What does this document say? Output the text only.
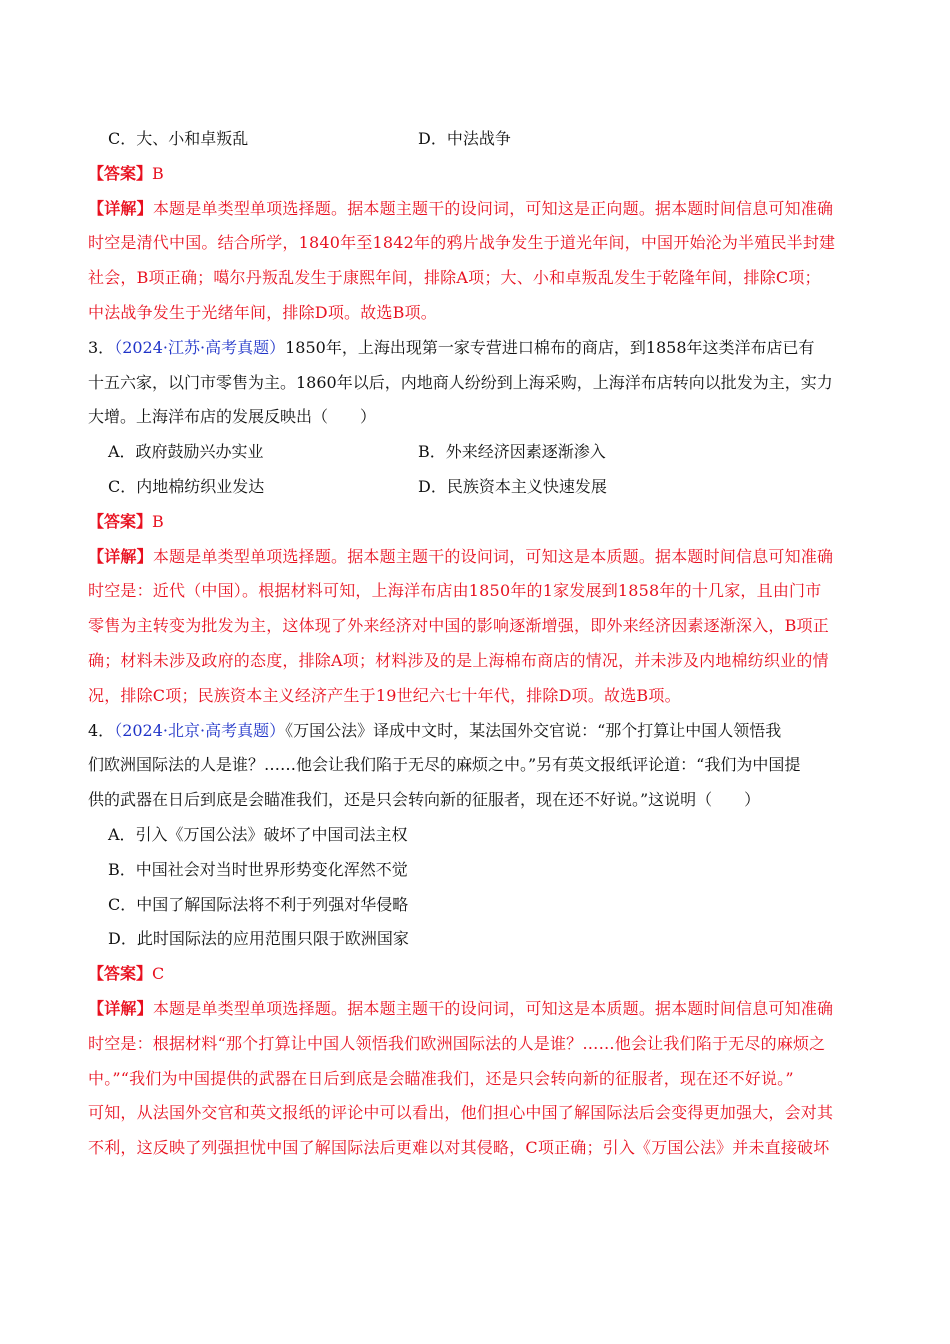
C．大、小和卓叛乱	D．中法战争
【答案】B
【详解】本题是单类型单项选择题。据本题主题干的设问词，可知这是正向题。据本题时间信息可知准确
时空是清代中国。结合所学，1840年至1842年的鸦片战争发生于道光年间，中国开始沦为半殖民半封建
社会，B项正确；噶尔丹叛乱发生于康熙年间，排除A项；大、小和卓叛乱发生于乾隆年间，排除C项；
中法战争发生于光绪年间，排除D项。故选B项。
3．（2024·江苏·高考真题）1850年，上海出现第一家专营进口棉布的商店，到1858年这类洋布店已有
十五六家，以门市零售为主。1860年以后，内地商人纷纷到上海采购，上海洋布店转向以批发为主，实力
大增。上海洋布店的发展反映出（　　）
A．政府鼓励兴办实业	B．外来经济因素逐渐渗入
C．内地棉纺织业发达	D．民族资本主义快速发展
【答案】B
【详解】本题是单类型单项选择题。据本题主题干的设问词，可知这是本质题。据本题时间信息可知准确
时空是：近代（中国）。根据材料可知，上海洋布店由1850年的1家发展到1858年的十几家，且由门市
零售为主转变为批发为主，这体现了外来经济对中国的影响逐渐增强，即外来经济因素逐渐深入，B项正
确；材料未涉及政府的态度，排除A项；材料涉及的是上海棉布商店的情况，并未涉及内地棉纺织业的情
况，排除C项；民族资本主义经济产生于19世纪六七十年代，排除D项。故选B项。
4．（2024·北京·高考真题）《万国公法》译成中文时，某法国外交官说：“那个打算让中国人领悟我
们欧洲国际法的人是谁？……他会让我们陷于无尽的麻烦之中。”另有英文报纸评论道：“我们为中国提
供的武器在日后到底是会瞄准我们，还是只会转向新的征服者，现在还不好说。”这说明（　　）
A．引入《万国公法》破坏了中国司法主权
B．中国社会对当时世界形势变化浑然不觉
C．中国了解国际法将不利于列强对华侵略
D．此时国际法的应用范围只限于欧洲国家
【答案】C
【详解】本题是单类型单项选择题。据本题主题干的设问词，可知这是本质题。据本题时间信息可知准确
时空是：根据材料“那个打算让中国人领悟我们欧洲国际法的人是谁？……他会让我们陷于无尽的麻烦之
中。”“我们为中国提供的武器在日后到底是会瞄准我们，还是只会转向新的征服者，现在还不好说。”
可知，从法国外交官和英文报纸的评论中可以看出，他们担心中国了解国际法后会变得更加强大，会对其
不利，这反映了列强担忧中国了解国际法后更难以对其侵略，C项正确；引入《万国公法》并未直接破坏
